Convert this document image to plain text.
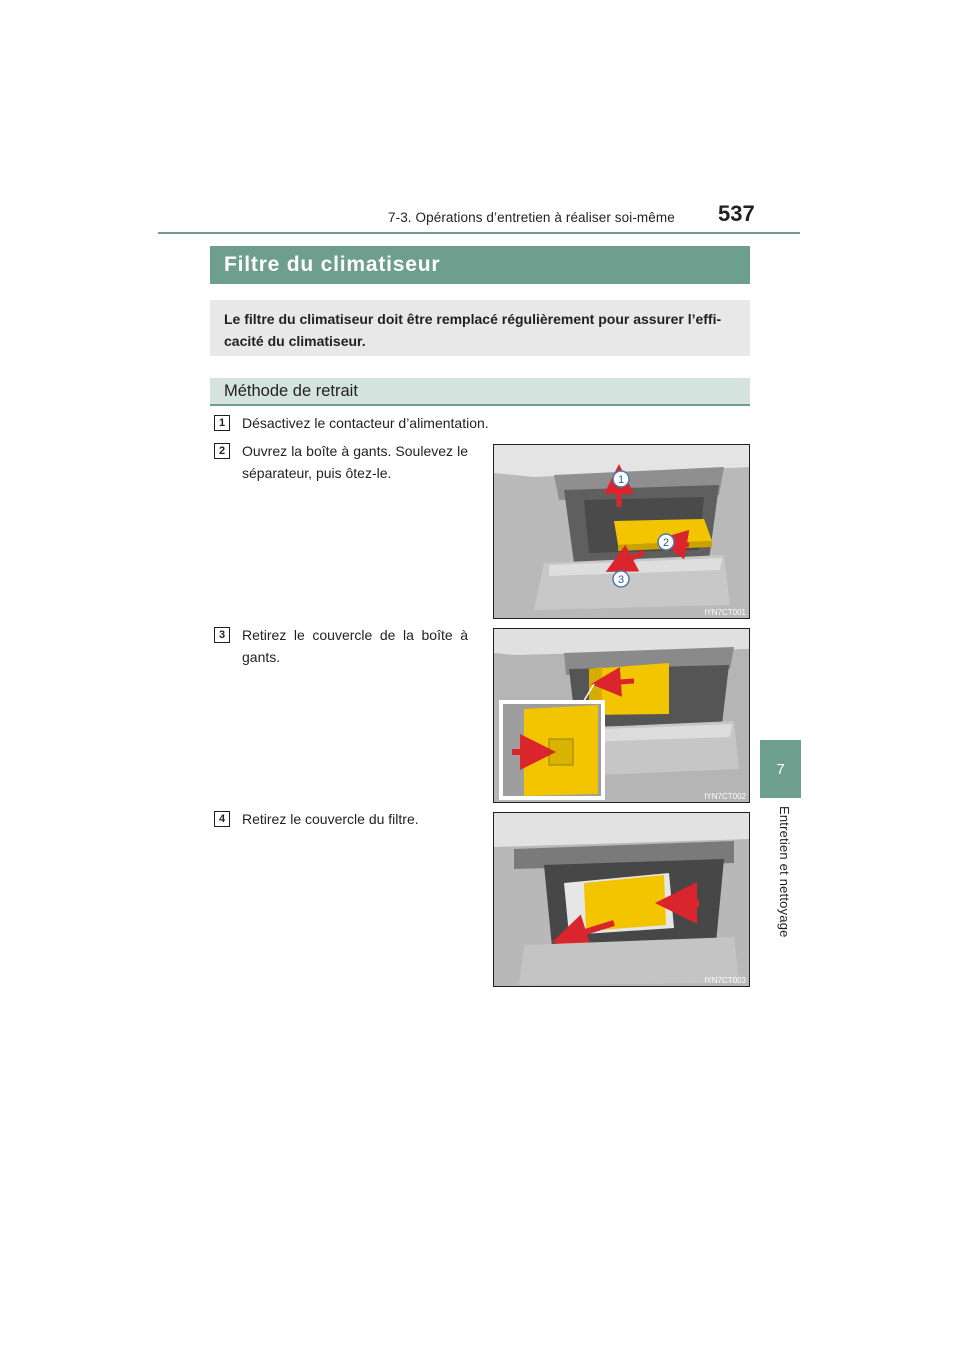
7-3. Opérations d’entretien à réaliser soi-même 537
7
Entretien et nettoyage
Filtre du climatiseur
Le filtre du climatiseur doit être remplacé régulièrement pour assurer l’effi- cacité du climatiseur.
Méthode de retrait
1	Désactivez le contacteur d’alimentation.
2	Ouvrez la boîte à gants. Soulevez le séparateur, puis ôtez-le.	1
2
3
IYN7CT001
3	Retirez le couvercle de la boîte à gants.
IYN7CT002
4	Retirez le couvercle du filtre.
IYN7CT003
